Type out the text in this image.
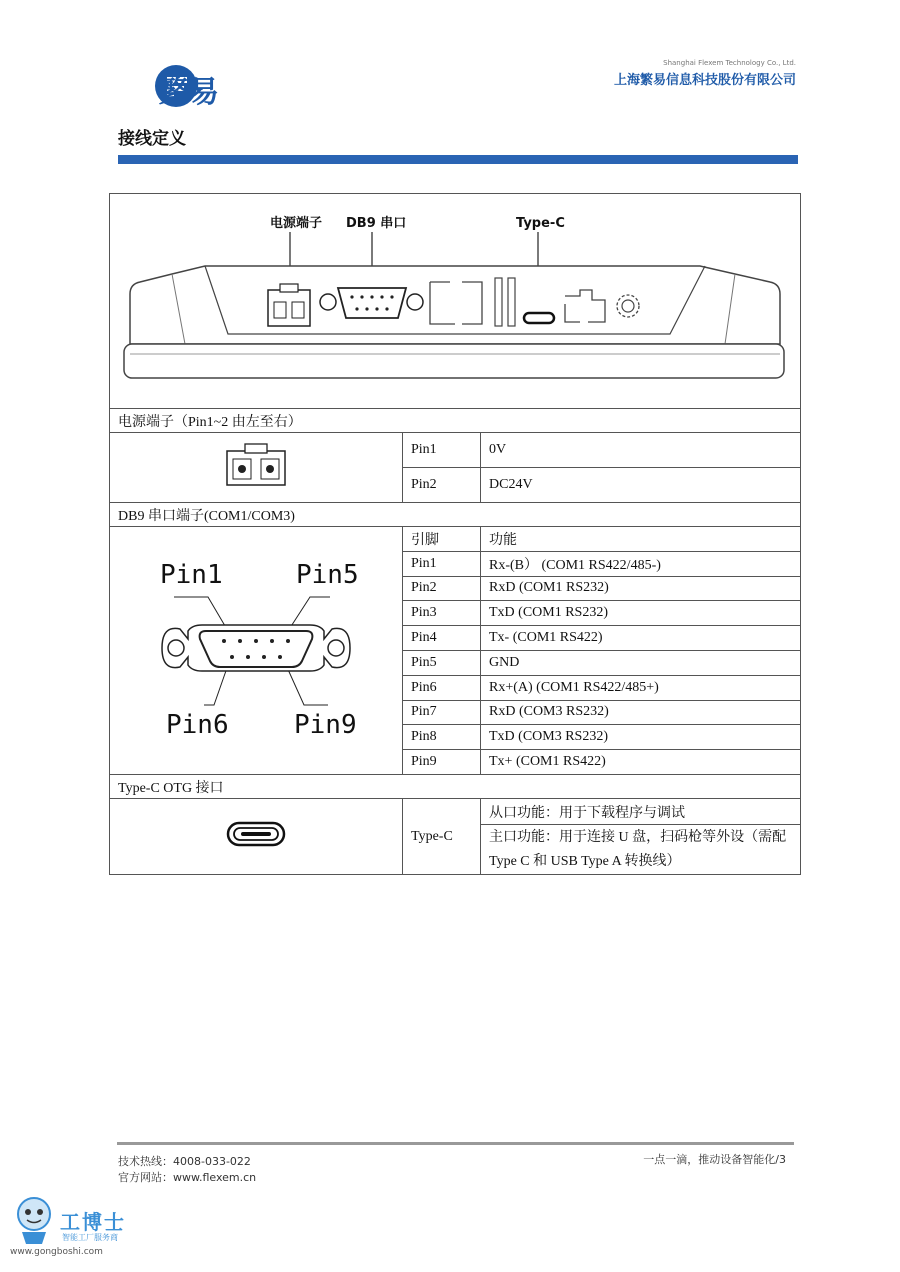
繁易
Shanghai Flexem Technology Co., Ltd.
上海繁易信息科技股份有限公司
接线定义
电源端子 DB9 串口 Type-C		

电源端子（Pin1~2 由左至右）		
	Pin1	0V
	Pin2	DC24V
DB9 串口端子(COM1/COM3)		

Pin1 Pin5
Pin6 Pin9	引脚	功能
	Pin1	Rx-(B） (COM1 RS422/485-)
	Pin2	RxD (COM1 RS232)
	Pin3	TxD (COM1 RS232)
	Pin4	Tx- (COM1 RS422)
	Pin5	GND
	Pin6	Rx+(A) (COM1 RS422/485+)
	Pin7	RxD (COM3 RS232)
	Pin8	TxD (COM3 RS232)
	Pin9	Tx+ (COM1 RS422)
Type-C OTG 接口		
	Type-C	从口功能：用于下载程序与调试
		主口功能：用于连接 U 盘，扫码枪等外设（需配 Type C 和 USB Type A 转换线）
技术热线：4008-033-022
官方网站：www.flexem.cn
一点一滴，推动设备智能化/3
工博士
智能工厂服务商
www.gongboshi.com
